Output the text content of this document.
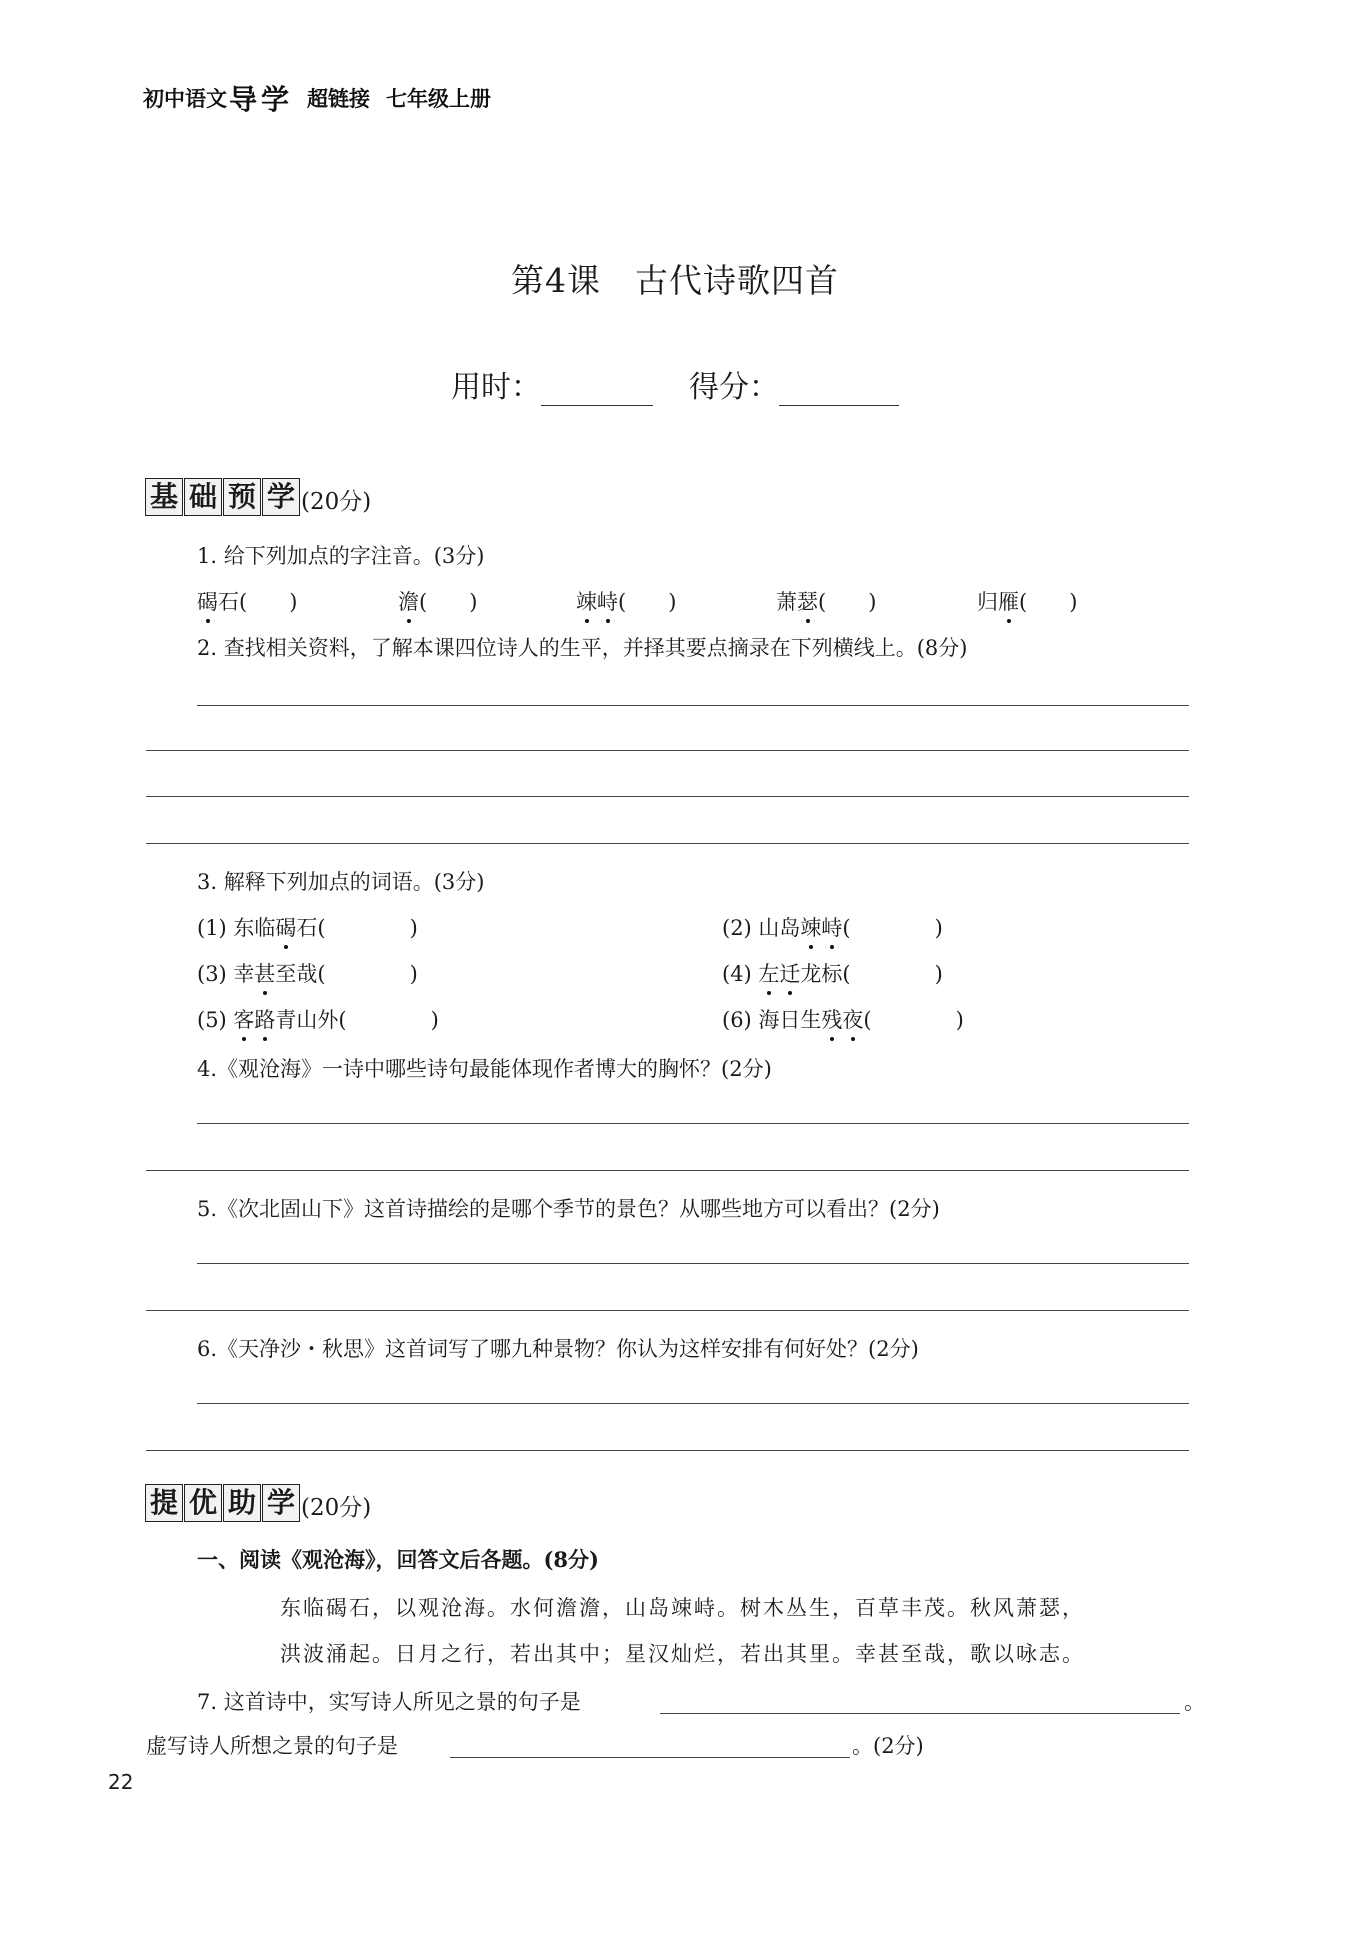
初中语文 导 学 超链接 七年级上册
第4课 古代诗歌四首
用时：	得分：
基 础 预 学 (20分)
1. 给下列加点的字注音。(3分)
碣石(　　)	澹(　　)	竦峙(　　)	萧瑟(　　)	归雁(　　)
2. 查找相关资料，了解本课四位诗人的生平，并择其要点摘录在下列横线上。(8分)
3. 解释下列加点的词语。(3分)
(1) 东临碣石(　　　　)	(2) 山岛竦峙(　　　　)
(3) 幸甚至哉(　　　　)	(4) 左迁龙标(　　　　)
(5) 客路青山外(　　　　)	(6) 海日生残夜(　　　　)
4.《观沧海》一诗中哪些诗句最能体现作者博大的胸怀？(2分)
5.《次北固山下》这首诗描绘的是哪个季节的景色？从哪些地方可以看出？(2分)
6.《天净沙・秋思》这首词写了哪九种景物？你认为这样安排有何好处？(2分)
提 优 助 学 (20分)
一、阅读《观沧海》，回答文后各题。(8分)
东临碣石，以观沧海。水何澹澹，山岛竦峙。树木丛生，百草丰茂。秋风萧瑟，
洪波涌起。日月之行，若出其中；星汉灿烂，若出其里。幸甚至哉，歌以咏志。
7. 这首诗中，实写诗人所见之景的句子是	。
虚写诗人所想之景的句子是	。(2分)
22
